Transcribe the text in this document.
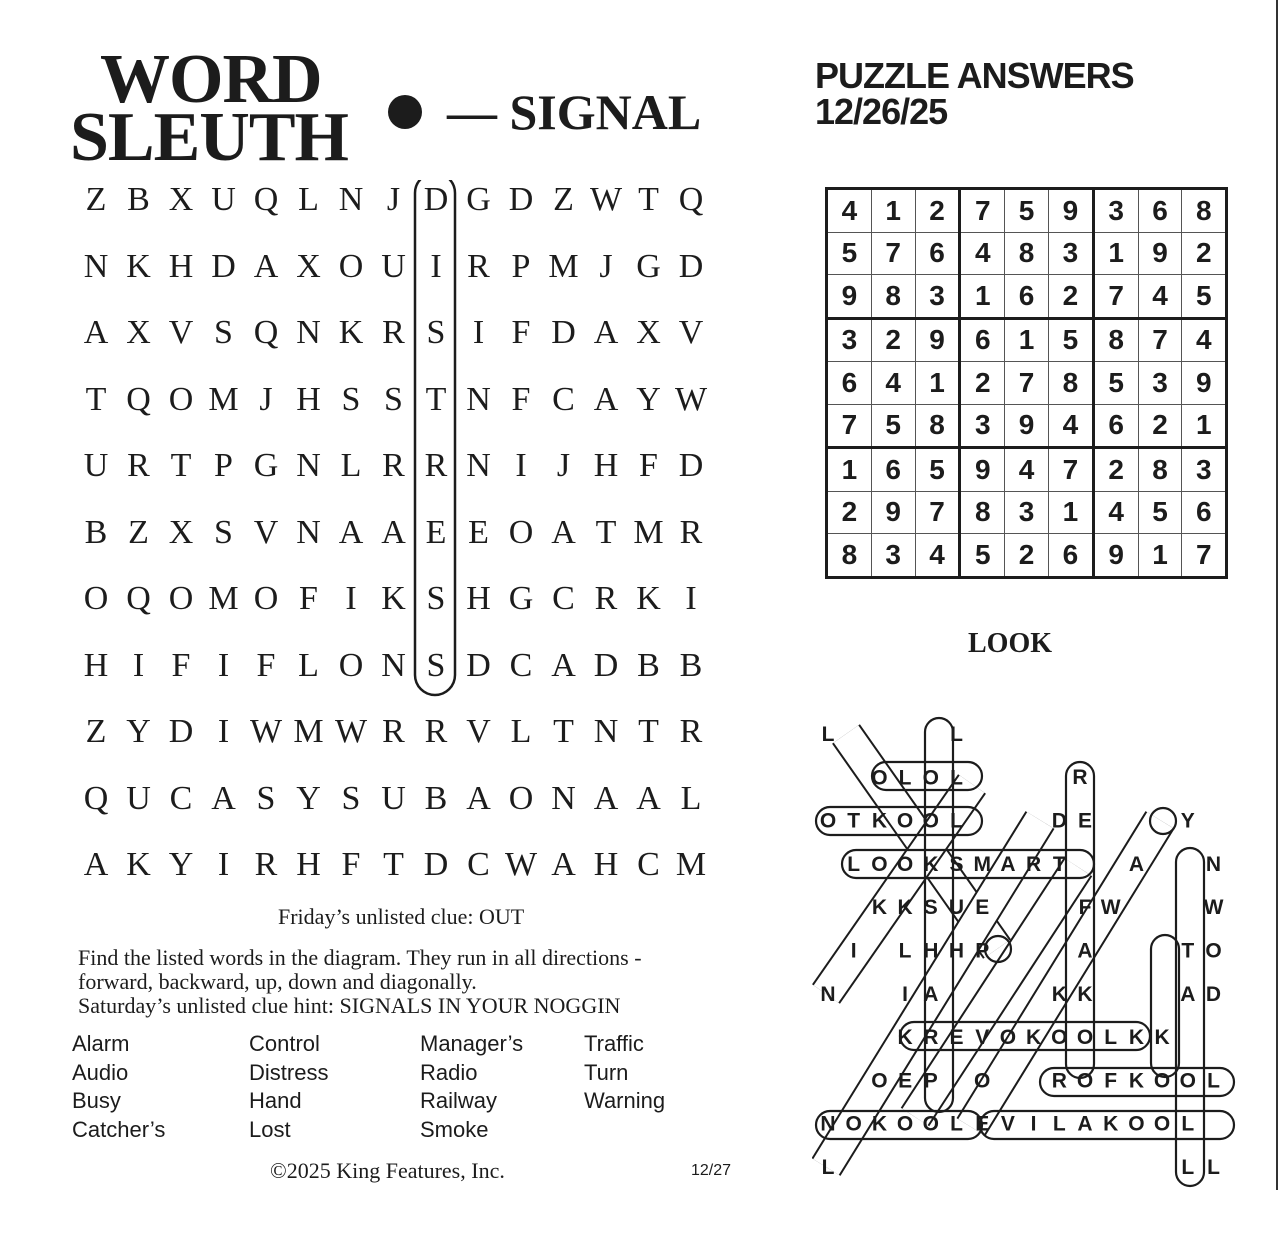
WORD
SLEUTH — SIGNAL
Z B X U Q L N J D G D Z W T Q
N K H D A X O U I R P M J G D
A X V S Q N K R S I F D A X V
T Q O M J H S S T N F C A Y W
U R T P G N L R R N I J H F D
B Z X S V N A A E E O A T M R
O Q O M O F I K S H G C R K I
H I F I F L O N S D C A D B B
Z Y D I W M W R R V L T N T R
Q U C A S Y S U B A O N A A L
A K Y I R H F T D C W A H C M
Friday’s unlisted clue: OUT
Find the listed words in the diagram. They run in all directions -
forward, backward, up, down and diagonally.
Saturday’s unlisted clue hint: SIGNALS IN YOUR NOGGIN
Alarm
Audio
Busy
Catcher’s
Control
Distress
Hand
Lost
Manager’s
Radio
Railway
Smoke
Traffic
Turn
Warning
©2025 King Features, Inc.	12/27
PUZZLE ANSWERS
12/26/25
4	1	2	7	5	9	3	6	8
5	7	6	4	8	3	1	9	2
9	8	3	1	6	2	7	4	5
3	2	9	6	1	5	8	7	4
6	4	1	2	7	8	5	3	9
7	5	8	3	9	4	6	2	1
1	6	5	9	4	7	2	8	3
2	9	7	8	3	1	4	5	6
8	3	4	5	2	6	9	1	7
LOOK
L	L
O L O L
O T K O O L	D E	Y
L O O K S M A R T	A	N
K K S U E	F W	W
I L H H P	A	T O
N	I A	K K	A D
K R E V O K O O L K K
O E P O	R O F K O O L
N O K O O L E V I L A K O O L
L	L L
R
